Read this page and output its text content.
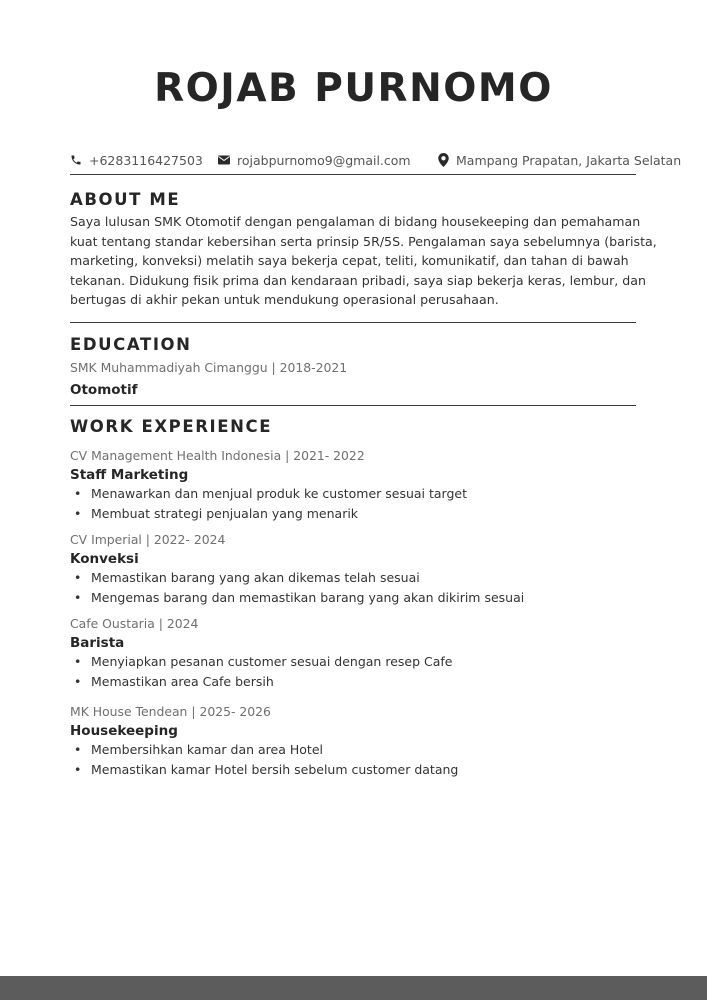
ROJAB PURNOMO
+6283116427503	rojabpurnomo9@gmail.com	Mampang Prapatan, Jakarta Selatan
ABOUT ME

Saya lulusan SMK Otomotif dengan pengalaman di bidang housekeeping dan pemahaman kuat tentang standar kebersihan serta prinsip 5R/5S. Pengalaman saya sebelumnya (barista, marketing, konveksi) melatih saya bekerja cepat, teliti, komunikatif, dan tahan di bawah tekanan. Didukung fisik prima dan kendaraan pribadi, saya siap bekerja keras, lembur, dan bertugas di akhir pekan untuk mendukung operasional perusahaan.

EDUCATION
SMK Muhammadiyah Cimanggu | 2018-2021
Otomotif
WORK EXPERIENCE
CV Management Health Indonesia | 2021- 2022
Staff Marketing
• Menawarkan dan menjual produk ke customer sesuai target
• Membuat strategi penjualan yang menarik
CV Imperial | 2022- 2024
Konveksi
• Memastikan barang yang akan dikemas telah sesuai
• Mengemas barang dan memastikan barang yang akan dikirim sesuai
Cafe Oustaria | 2024
Barista
• Menyiapkan pesanan customer sesuai dengan resep Cafe
• Memastikan area Cafe bersih
MK House Tendean | 2025- 2026
Housekeeping
• Membersihkan kamar dan area Hotel
• Memastikan kamar Hotel bersih sebelum customer datang
